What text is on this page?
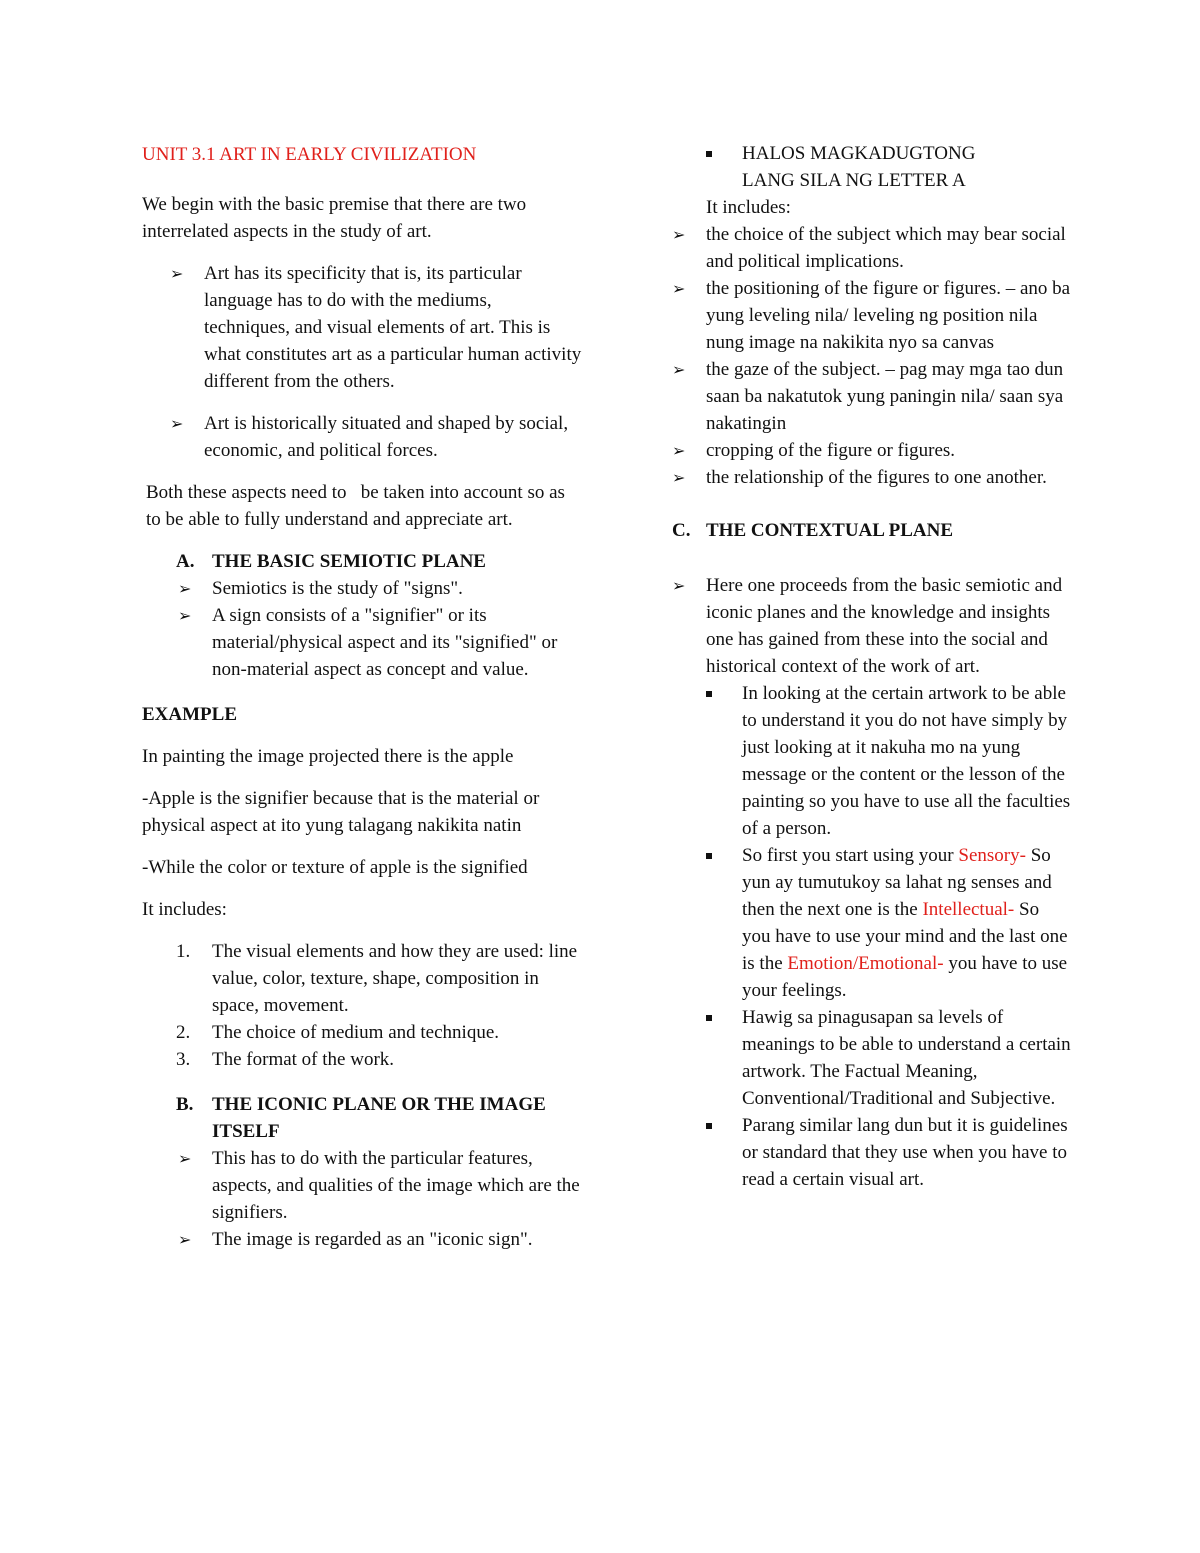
UNIT 3.1 ART IN EARLY CIVILIZATION

We begin with the basic premise that there are two interrelated aspects in the study of art.

➢ Art has its specificity that is, its particular language has to do with the mediums, techniques, and visual elements of art. This is what constitutes art as a particular human activity different from the others.
➢ Art is historically situated and shaped by social, economic, and political forces.

Both these aspects need to   be taken into account so as to be able to fully understand and appreciate art.

A. THE BASIC SEMIOTIC PLANE
➢ Semiotics is the study of "signs".
➢ A sign consists of a "signifier" or its material/physical aspect and its "signified" or non-material aspect as concept and value.

EXAMPLE

In painting the image projected there is the apple

-Apple is the signifier because that is the material or physical aspect at ito yung talagang nakikita natin

-While the color or texture of apple is the signified

It includes:

1. The visual elements and how they are used: line value, color, texture, shape, composition in space, movement.
2. The choice of medium and technique.
3. The format of the work.
B. THE ICONIC PLANE OR THE IMAGE ITSELF
➢ This has to do with the particular features, aspects, and qualities of the image which are the signifiers.
➢ The image is regarded as an "iconic sign".
HALOS MAGKADUGTONG LANG SILA NG LETTER A
It includes:
➢ the choice of the subject which may bear social and political implications.
➢ the positioning of the figure or figures. – ano ba yung leveling nila/ leveling ng position nila nung image na nakikita nyo sa canvas
➢ the gaze of the subject. – pag may mga tao dun saan ba nakatutok yung paningin nila/ saan sya nakatingin
➢ cropping of the figure or figures.
➢ the relationship of the figures to one another.
C. THE CONTEXTUAL PLANE
➢ Here one proceeds from the basic semiotic and iconic planes and the knowledge and insights one has gained from these into the social and historical context of the work of art.
In looking at the certain artwork to be able to understand it you do not have simply by just looking at it nakuha mo na yung message or the content or the lesson of the painting so you have to use all the faculties of a person.
So first you start using your Sensory- So yun ay tumutukoy sa lahat ng senses and then the next one is the Intellectual- So you have to use your mind and the last one is the Emotion/Emotional- you have to use your feelings.
Hawig sa pinagusapan sa levels of meanings to be able to understand a certain artwork. The Factual Meaning, Conventional/Traditional and Subjective.
Parang similar lang dun but it is guidelines or standard that they use when you have to read a certain visual art.
